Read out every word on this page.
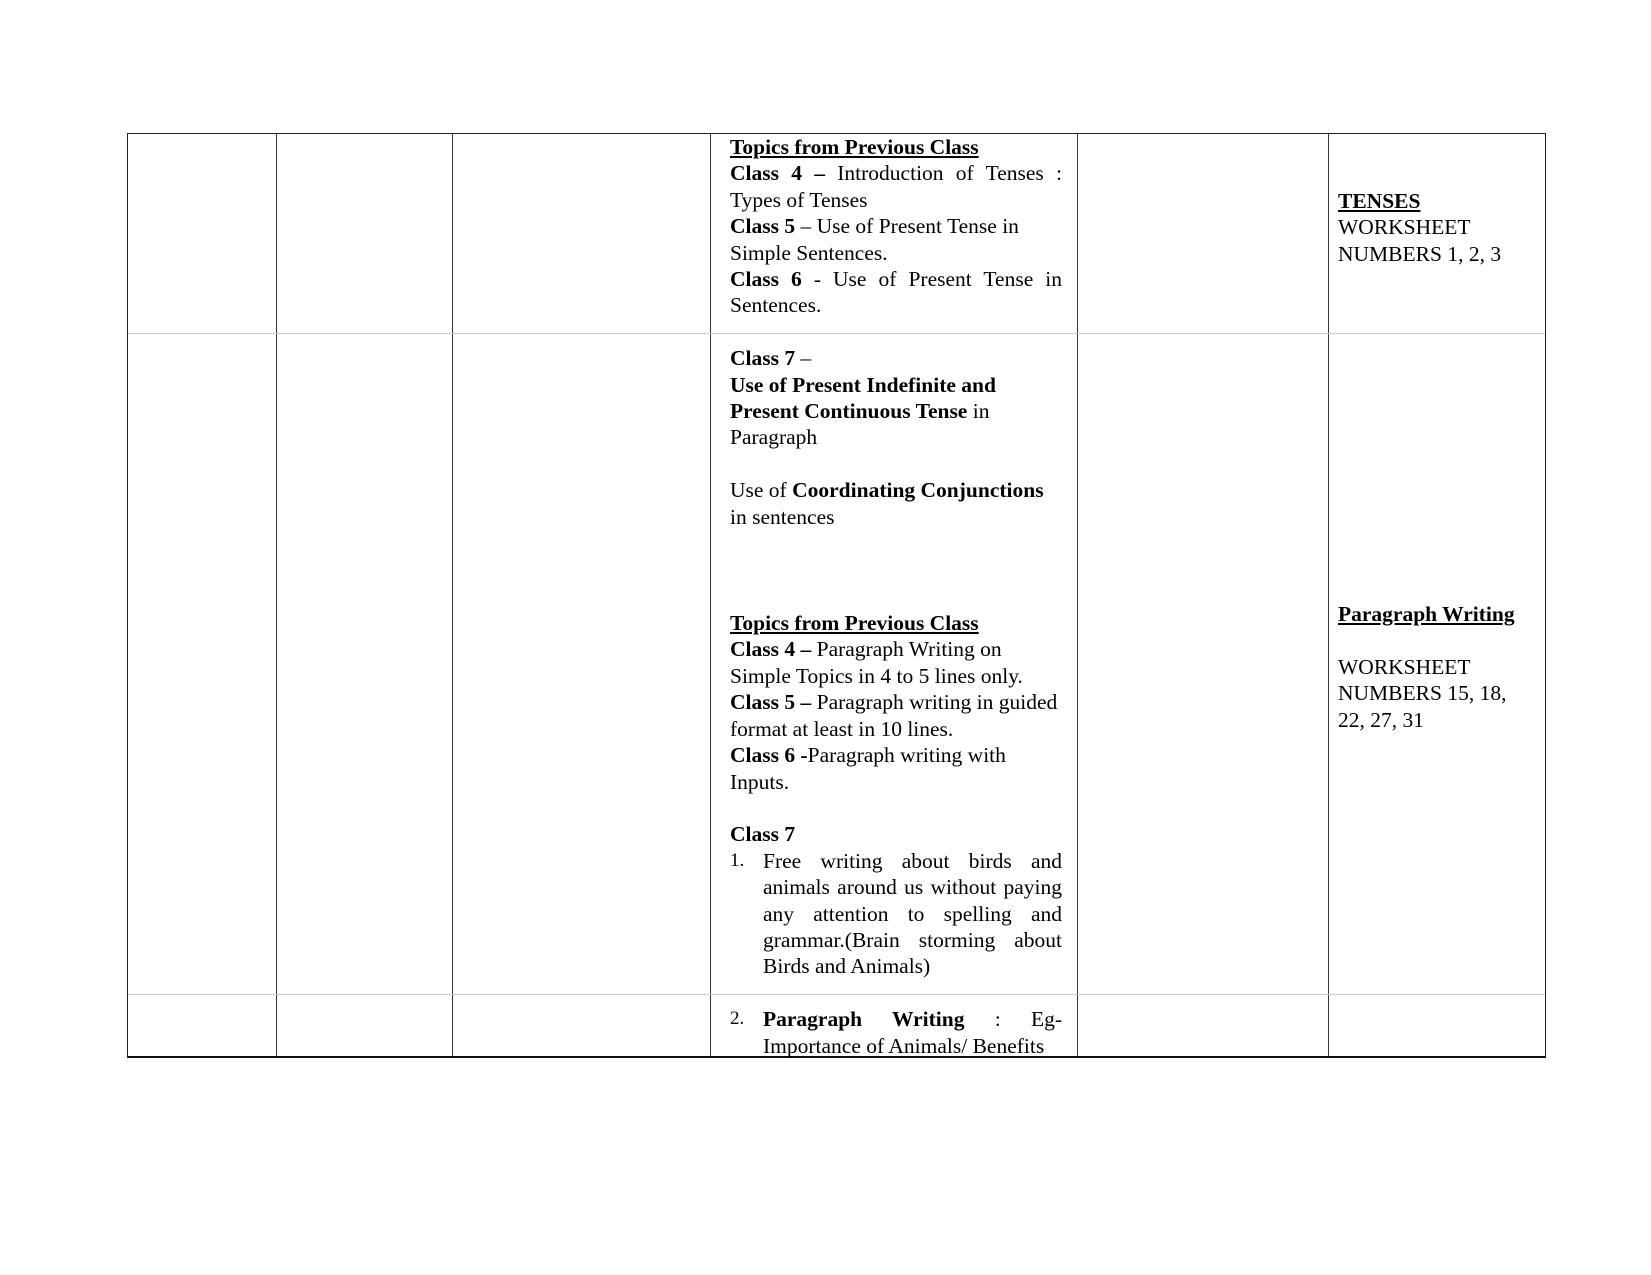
Topics from Previous Class
Class 4 – Introduction of Tenses : Types of Tenses
Class 5 – Use of Present Tense in Simple Sentences.
Class 6 - Use of Present Tense in Sentences.
Class 7 –
Use of Present Indefinite and Present Continuous Tense in Paragraph
Use of Coordinating Conjunctions in sentences
Topics from Previous Class
Class 4 – Paragraph Writing on Simple Topics in 4 to 5 lines only.
Class 5 – Paragraph writing in guided format at least in 10 lines.
Class 6 -Paragraph writing with Inputs.
Class 7
1. Free writing about birds and animals around us without paying any attention to spelling and grammar.(Brain storming about Birds and Animals)
2. Paragraph Writing : Eg- Importance of Animals/ Benefits
TENSES
WORKSHEET NUMBERS 1, 2, 3
Paragraph Writing
WORKSHEET NUMBERS 15, 18, 22, 27, 31
